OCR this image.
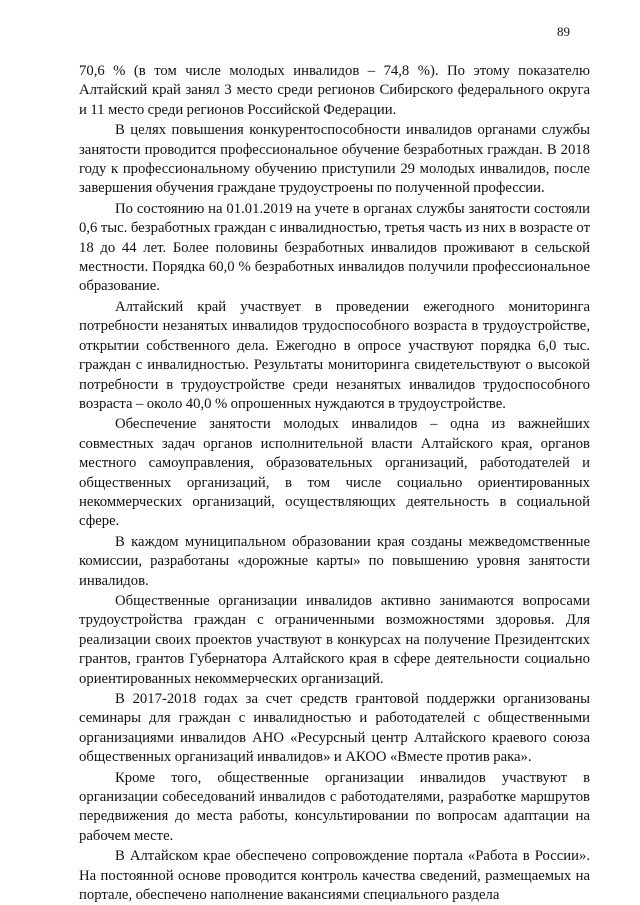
89

70,6 % (в том числе молодых инвалидов – 74,8 %). По этому показателю Алтайский край занял 3 место среди регионов Сибирского федерального округа и 11 место среди регионов Российской Федерации.

В целях повышения конкурентоспособности инвалидов органами службы занятости проводится профессиональное обучение безработных граждан. В 2018 году к профессиональному обучению приступили 29 молодых инвалидов, после завершения обучения граждане трудоустроены по полученной профессии.

По состоянию на 01.01.2019 на учете в органах службы занятости состояли 0,6 тыс. безработных граждан с инвалидностью, третья часть из них в возрасте от 18 до 44 лет. Более половины безработных инвалидов проживают в сельской местности. Порядка 60,0 % безработных инвалидов получили профессиональное образование.

Алтайский край участвует в проведении ежегодного мониторинга потребности незанятых инвалидов трудоспособного возраста в трудоустройстве, открытии собственного дела. Ежегодно в опросе участвуют порядка 6,0 тыс. граждан с инвалидностью. Результаты мониторинга свидетельствуют о высокой потребности в трудоустройстве среди незанятых инвалидов трудоспособного возраста – около 40,0 % опрошенных нуждаются в трудоустройстве.

Обеспечение занятости молодых инвалидов – одна из важнейших совместных задач органов исполнительной власти Алтайского края, органов местного самоуправления, образовательных организаций, работодателей и общественных организаций, в том числе социально ориентированных некоммерческих организаций, осуществляющих деятельность в социальной сфере.

В каждом муниципальном образовании края созданы межведомственные комиссии, разработаны «дорожные карты» по повышению уровня занятости инвалидов.

Общественные организации инвалидов активно занимаются вопросами трудоустройства граждан с ограниченными возможностями здоровья. Для реализации своих проектов участвуют в конкурсах на получение Президентских грантов, грантов Губернатора Алтайского края в сфере деятельности социально ориентированных некоммерческих организаций.

В 2017-2018 годах за счет средств грантовой поддержки организованы семинары для граждан с инвалидностью и работодателей с общественными организациями инвалидов АНО «Ресурсный центр Алтайского краевого союза общественных организаций инвалидов» и АКОО «Вместе против рака».

Кроме того, общественные организации инвалидов участвуют в организации собеседований инвалидов с работодателями, разработке маршрутов передвижения до места работы, консультировании по вопросам адаптации на рабочем месте.

В Алтайском крае обеспечено сопровождение портала «Работа в России». На постоянной основе проводится контроль качества сведений, размещаемых на портале, обеспечено наполнение вакансиями специального раздела
